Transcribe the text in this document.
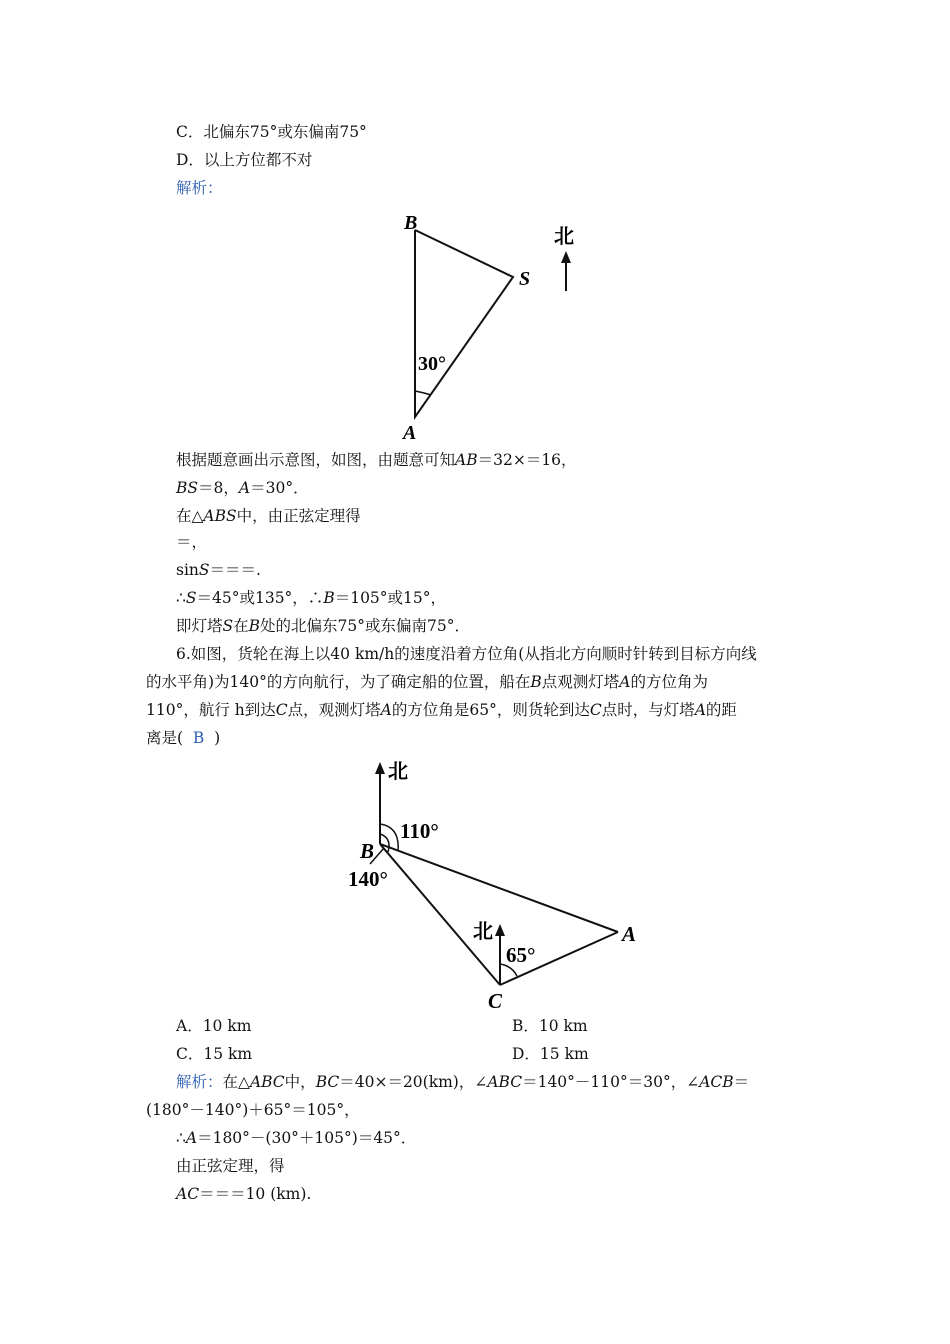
C．北偏东75°或东偏南75°
D．以上方位都不对
解析：
B
S
A
30°
北
根据题意画出示意图，如图，由题意可知AB＝32×＝16，
BS＝8，A＝30°．
在△ABS中，由正弦定理得
＝，
sinS＝＝＝.
∴S＝45°或135°，∴B＝105°或15°，
即灯塔S在B处的北偏东75°或东偏南75°．
6.如图，货轮在海上以40 km/h的速度沿着方位角(从指北方向顺时针转到目标方向线
的水平角)为140°的方向航行，为了确定船的位置，船在B点观测灯塔A的方位角为
110°，航行 h到达C点，观测灯塔A的方位角是65°，则货轮到达C点时，与灯塔A的距
离是( B )
北
110°
B
140°
北
65°
A
C
A．10 km	B．10 km
C．15 km	D．15 km
解析：在△ABC中，BC＝40×＝20(km)，∠ABC＝140°－110°＝30°，∠ACB＝
(180°－140°)＋65°＝105°，
∴A＝180°－(30°＋105°)＝45°．
由正弦定理，得
AC＝＝＝10 (km).
